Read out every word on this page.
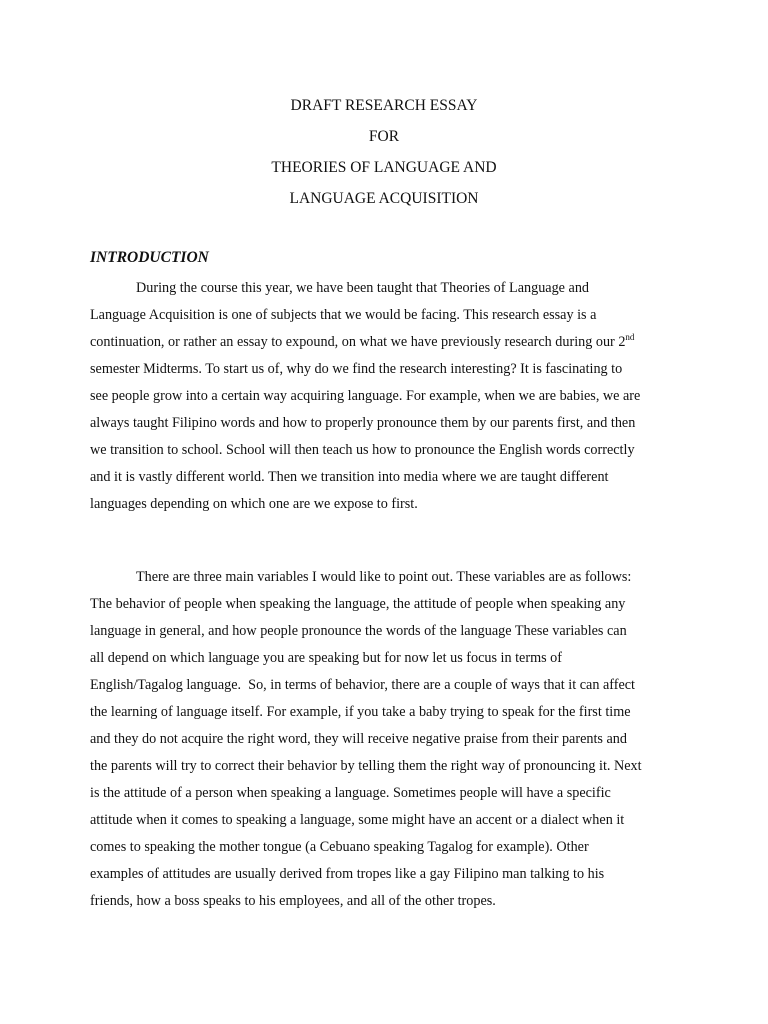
DRAFT RESEARCH ESSAY
FOR
THEORIES OF LANGUAGE AND
LANGUAGE ACQUISITION
INTRODUCTION
During the course this year, we have been taught that Theories of Language and
Language Acquisition is one of subjects that we would be facing. This research essay is a
continuation, or rather an essay to expound, on what we have previously research during our 2nd
semester Midterms. To start us of, why do we find the research interesting? It is fascinating to
see people grow into a certain way acquiring language. For example, when we are babies, we are
always taught Filipino words and how to properly pronounce them by our parents first, and then
we transition to school. School will then teach us how to pronounce the English words correctly
and it is vastly different world. Then we transition into media where we are taught different
languages depending on which one are we expose to first.
There are three main variables I would like to point out. These variables are as follows:
The behavior of people when speaking the language, the attitude of people when speaking any
language in general, and how people pronounce the words of the language These variables can
all depend on which language you are speaking but for now let us focus in terms of
English/Tagalog language.  So, in terms of behavior, there are a couple of ways that it can affect
the learning of language itself. For example, if you take a baby trying to speak for the first time
and they do not acquire the right word, they will receive negative praise from their parents and
the parents will try to correct their behavior by telling them the right way of pronouncing it. Next
is the attitude of a person when speaking a language. Sometimes people will have a specific
attitude when it comes to speaking a language, some might have an accent or a dialect when it
comes to speaking the mother tongue (a Cebuano speaking Tagalog for example). Other
examples of attitudes are usually derived from tropes like a gay Filipino man talking to his
friends, how a boss speaks to his employees, and all of the other tropes.
